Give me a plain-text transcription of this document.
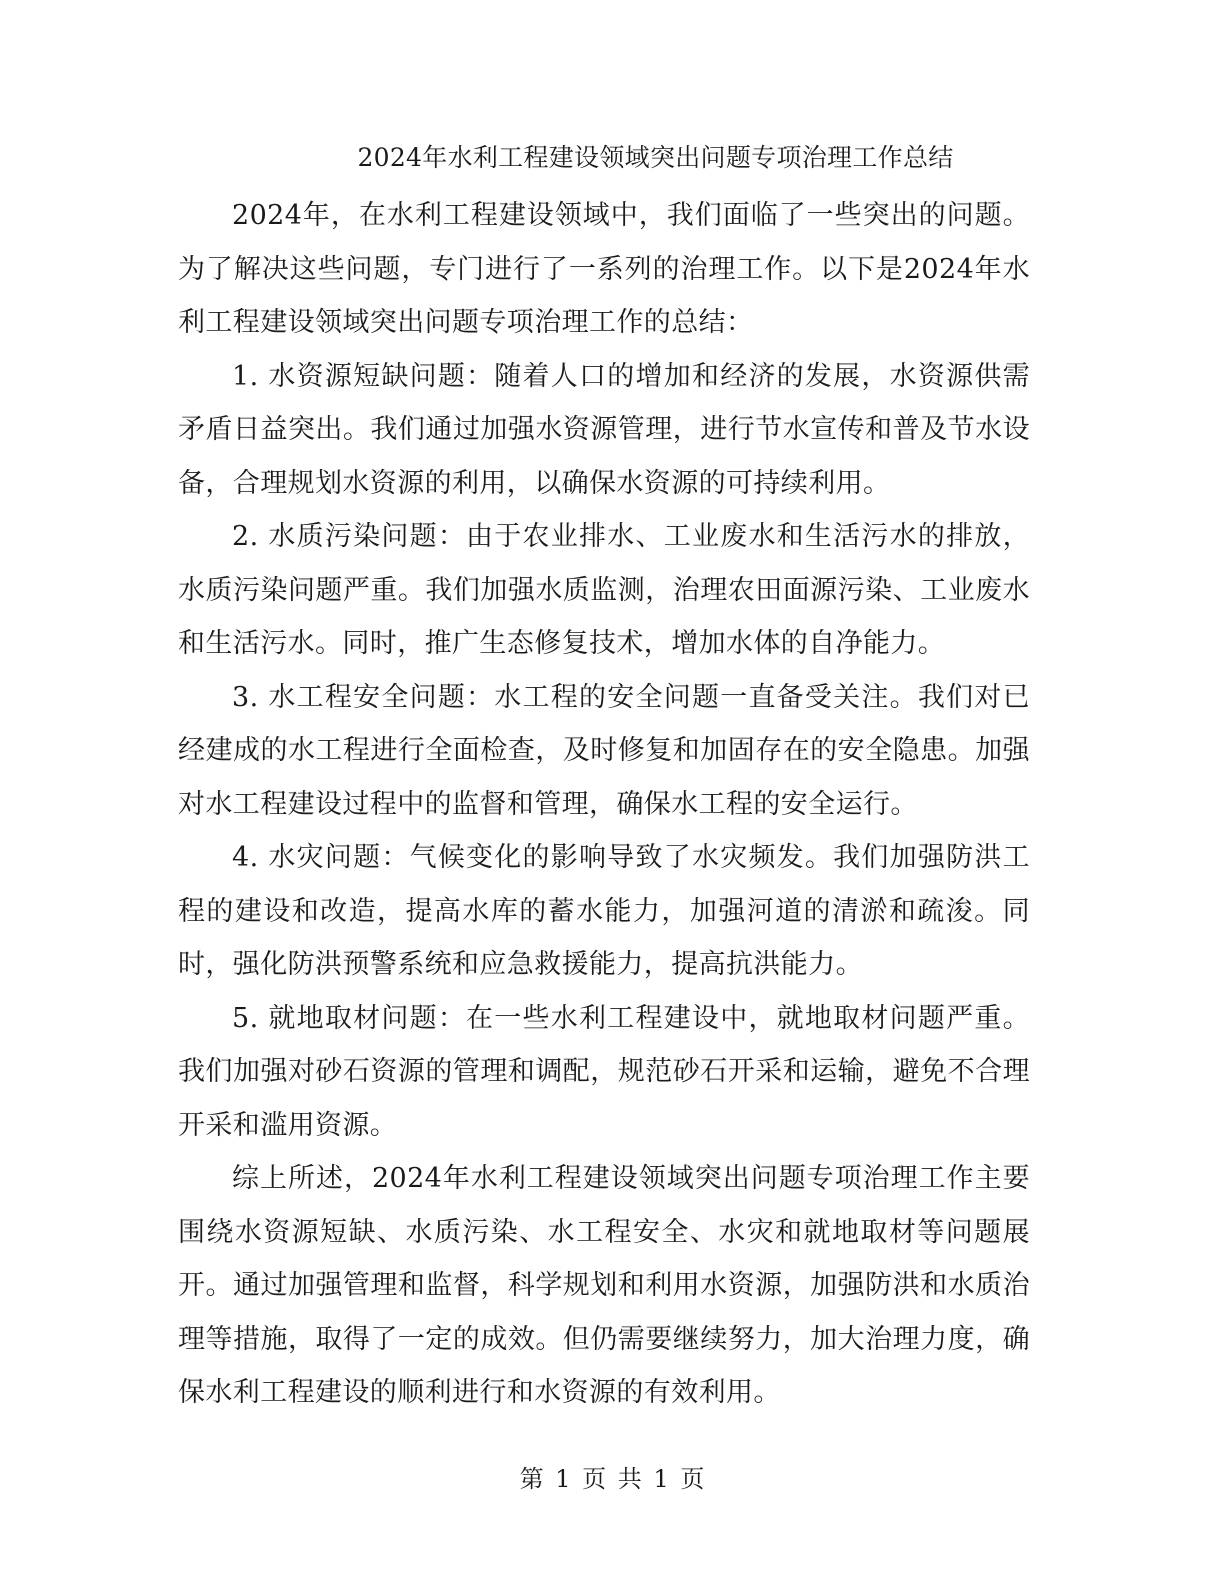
2024年水利工程建设领域突出问题专项治理工作总结

2024年，在水利工程建设领域中，我们面临了一些突出的问题。为了解决这些问题，专门进行了一系列的治理工作。以下是2024年水利工程建设领域突出问题专项治理工作的总结：

1. 水资源短缺问题：随着人口的增加和经济的发展，水资源供需矛盾日益突出。我们通过加强水资源管理，进行节水宣传和普及节水设备，合理规划水资源的利用，以确保水资源的可持续利用。

2. 水质污染问题：由于农业排水、工业废水和生活污水的排放，水质污染问题严重。我们加强水质监测，治理农田面源污染、工业废水和生活污水。同时，推广生态修复技术，增加水体的自净能力。

3. 水工程安全问题：水工程的安全问题一直备受关注。我们对已经建成的水工程进行全面检查，及时修复和加固存在的安全隐患。加强对水工程建设过程中的监督和管理，确保水工程的安全运行。

4. 水灾问题：气候变化的影响导致了水灾频发。我们加强防洪工程的建设和改造，提高水库的蓄水能力，加强河道的清淤和疏浚。同时，强化防洪预警系统和应急救援能力，提高抗洪能力。

5. 就地取材问题：在一些水利工程建设中，就地取材问题严重。我们加强对砂石资源的管理和调配，规范砂石开采和运输，避免不合理开采和滥用资源。

综上所述，2024年水利工程建设领域突出问题专项治理工作主要围绕水资源短缺、水质污染、水工程安全、水灾和就地取材等问题展开。通过加强管理和监督，科学规划和利用水资源，加强防洪和水质治理等措施，取得了一定的成效。但仍需要继续努力，加大治理力度，确保水利工程建设的顺利进行和水资源的有效利用。

第 1 页 共 1 页
